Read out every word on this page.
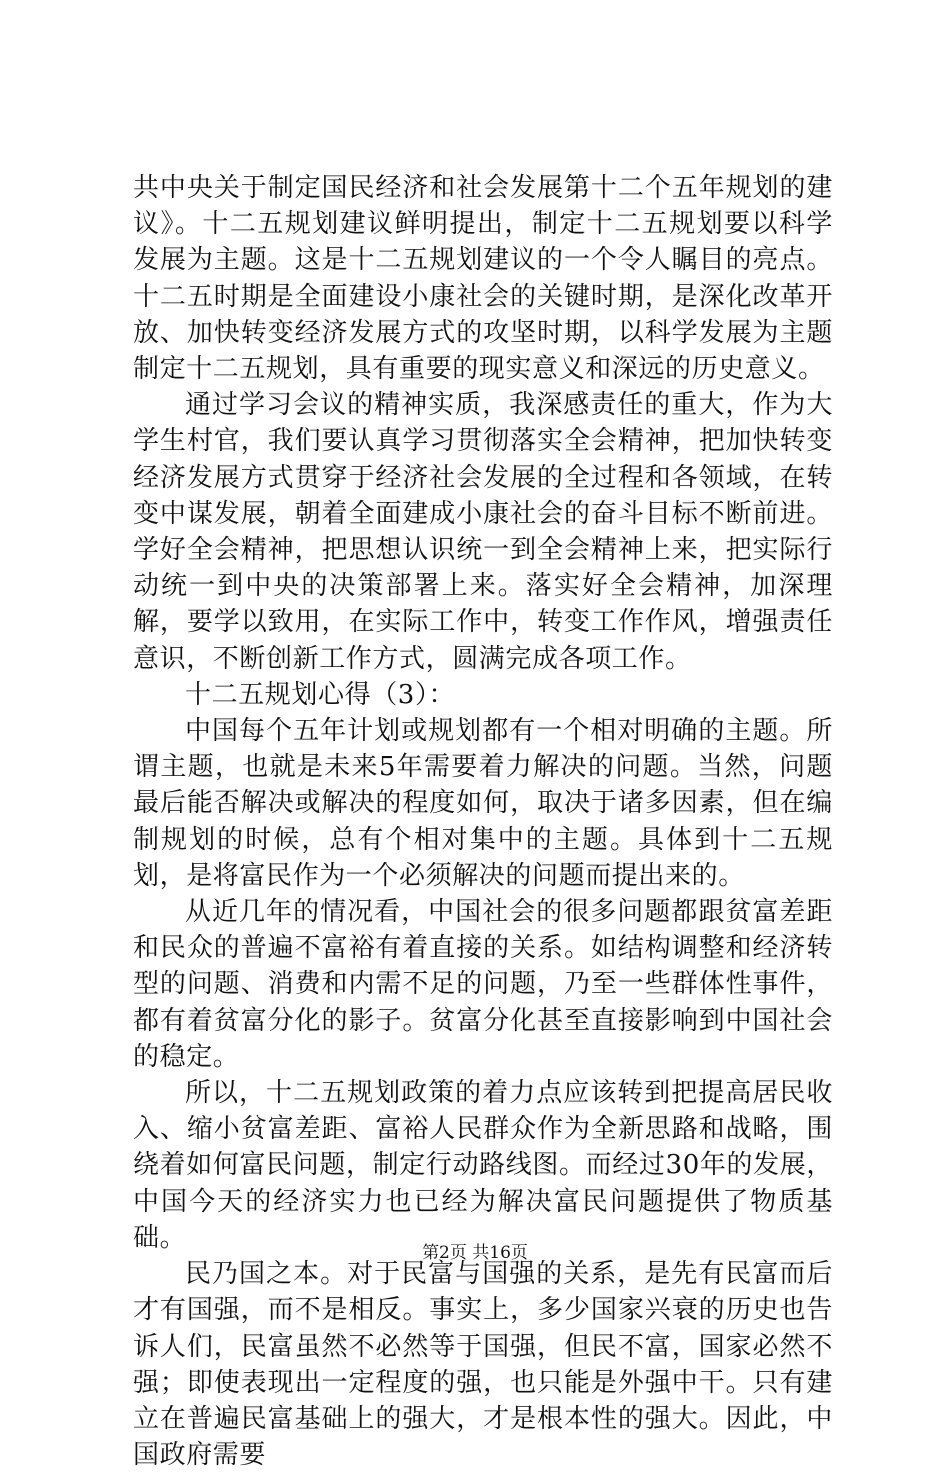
共中央关于制定国民经济和社会发展第十二个五年规划的建议》。十二五规划建议鲜明提出，制定十二五规划要以科学发展为主题。这是十二五规划建议的一个令人瞩目的亮点。十二五时期是全面建设小康社会的关键时期，是深化改革开放、加快转变经济发展方式的攻坚时期，以科学发展为主题制定十二五规划，具有重要的现实意义和深远的历史意义。

通过学习会议的精神实质，我深感责任的重大，作为大学生村官，我们要认真学习贯彻落实全会精神，把加快转变经济发展方式贯穿于经济社会发展的全过程和各领域，在转变中谋发展，朝着全面建成小康社会的奋斗目标不断前进。学好全会精神，把思想认识统一到全会精神上来，把实际行动统一到中央的决策部署上来。落实好全会精神，加深理解，要学以致用，在实际工作中，转变工作作风，增强责任意识，不断创新工作方式，圆满完成各项工作。

十二五规划心得（3）：

中国每个五年计划或规划都有一个相对明确的主题。所谓主题，也就是未来5年需要着力解决的问题。当然，问题最后能否解决或解决的程度如何，取决于诸多因素，但在编制规划的时候，总有个相对集中的主题。具体到十二五规划，是将富民作为一个必须解决的问题而提出来的。

从近几年的情况看，中国社会的很多问题都跟贫富差距和民众的普遍不富裕有着直接的关系。如结构调整和经济转型的问题、消费和内需不足的问题，乃至一些群体性事件，都有着贫富分化的影子。贫富分化甚至直接影响到中国社会的稳定。

所以，十二五规划政策的着力点应该转到把提高居民收入、缩小贫富差距、富裕人民群众作为全新思路和战略，围绕着如何富民问题，制定行动路线图。而经过30年的发展，中国今天的经济实力也已经为解决富民问题提供了物质基础。

民乃国之本。对于民富与国强的关系，是先有民富而后才有国强，而不是相反。事实上，多少国家兴衰的历史也告诉人们，民富虽然不必然等于国强，但民不富，国家必然不强；即使表现出一定程度的强，也只能是外强中干。只有建立在普遍民富基础上的强大，才是根本性的强大。因此，中国政府需要

第2页 共16页
